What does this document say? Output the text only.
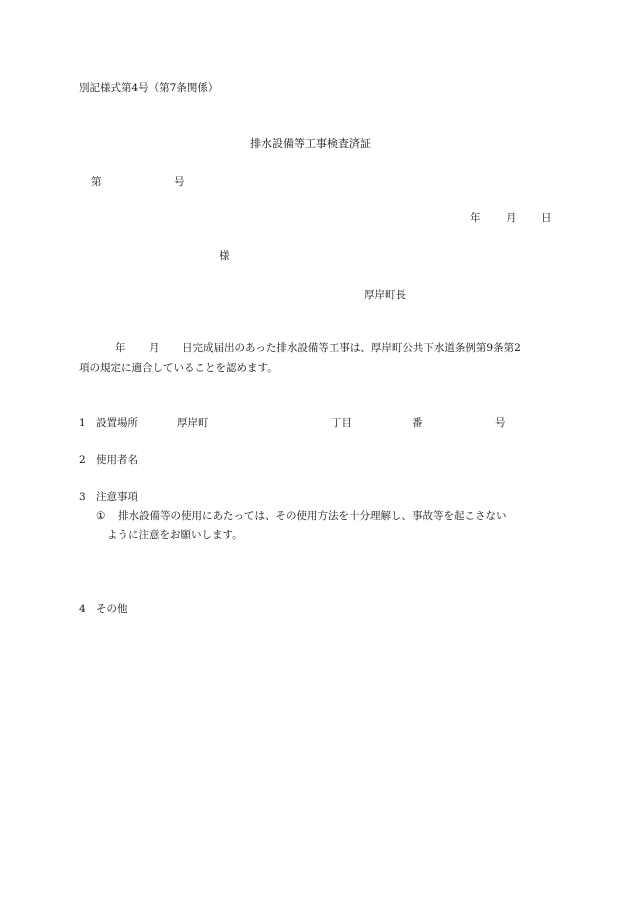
別記様式第4号（第7条関係）
排水設備等工事検査済証
第	号
年 月 日
様
厚岸町長
年 月 日完成届出のあった排水設備等工事は、厚岸町公共下水道条例第9条第2
項の規定に適合していることを認めます。
1 設置場所	厚岸町	丁目	番	号
2 使用者名
3 注意事項
① 排水設備等の使用にあたっては、その使用方法を十分理解し、事故等を起こさない
ように注意をお願いします。
4 その他
